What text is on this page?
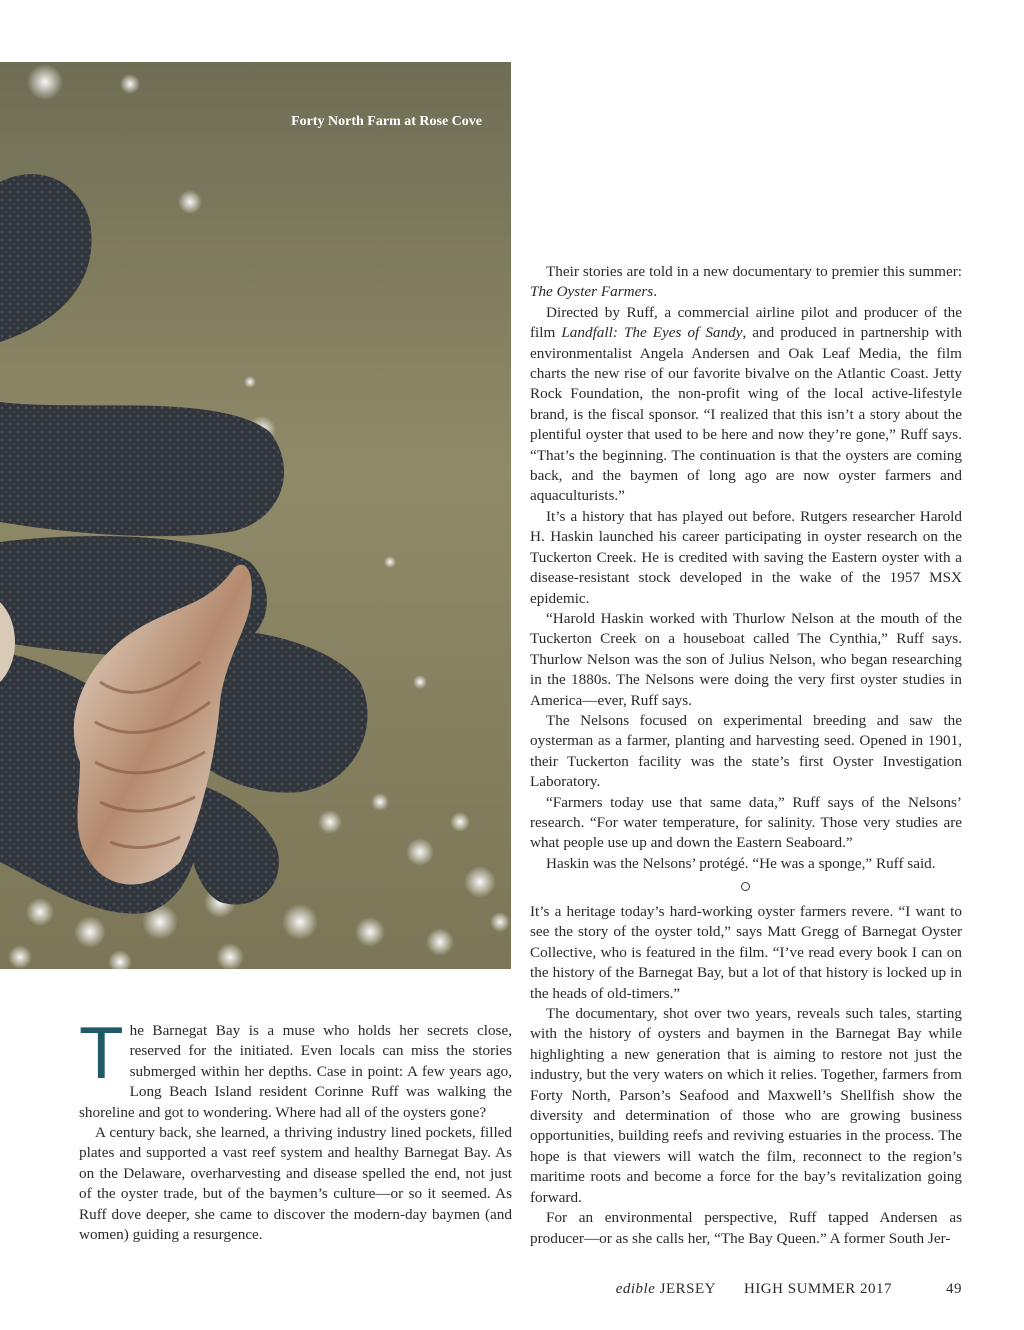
Forty North Farm at Rose Cove

The Barnegat Bay is a muse who holds her secrets close, reserved for the initiated. Even locals can miss the stories submerged within her depths. Case in point: A few years ago, Long Beach Island resident Corinne Ruff was walking the shoreline and got to wondering. Where had all of the oysters gone?

A century back, she learned, a thriving industry lined pockets, filled plates and supported a vast reef system and healthy Barnegat Bay. As on the Delaware, overharvesting and disease spelled the end, not just of the oyster trade, but of the baymen’s culture—or so it seemed. As Ruff dove deeper, she came to discover the modern-day baymen (and women) guiding a resurgence.

Their stories are told in a new documentary to premier this summer: The Oyster Farmers.

Directed by Ruff, a commercial airline pilot and producer of the film Landfall: The Eyes of Sandy, and produced in partnership with environmentalist Angela Andersen and Oak Leaf Media, the film charts the new rise of our favorite bivalve on the Atlantic Coast. Jetty Rock Foundation, the non-profit wing of the local active-lifestyle brand, is the fiscal sponsor. “I realized that this isn’t a story about the plentiful oyster that used to be here and now they’re gone,” Ruff says. “That’s the beginning. The continuation is that the oysters are coming back, and the baymen of long ago are now oyster farmers and aquaculturists.”

It’s a history that has played out before. Rutgers researcher Harold H. Haskin launched his career participating in oyster research on the Tuckerton Creek. He is credited with saving the Eastern oyster with a disease-resistant stock developed in the wake of the 1957 MSX epidemic.

“Harold Haskin worked with Thurlow Nelson at the mouth of the Tuckerton Creek on a houseboat called The Cynthia,” Ruff says. Thurlow Nelson was the son of Julius Nelson, who began researching in the 1880s. The Nelsons were doing the very first oyster studies in America—ever, Ruff says.

The Nelsons focused on experimental breeding and saw the oysterman as a farmer, planting and harvesting seed. Opened in 1901, their Tuckerton facility was the state’s first Oyster Investigation Laboratory.

“Farmers today use that same data,” Ruff says of the Nelsons’ research. “For water temperature, for salinity. Those very studies are what people use up and down the Eastern Seaboard.”

Haskin was the Nelsons’ protégé. “He was a sponge,” Ruff said.

It’s a heritage today’s hard-working oyster farmers revere. “I want to see the story of the oyster told,” says Matt Gregg of Barnegat Oyster Collective, who is featured in the film. “I’ve read every book I can on the history of the Barnegat Bay, but a lot of that history is locked up in the heads of old-timers.”

The documentary, shot over two years, reveals such tales, starting with the history of oysters and baymen in the Barnegat Bay while highlighting a new generation that is aiming to restore not just the industry, but the very waters on which it relies. Together, farmers from Forty North, Parson’s Seafood and Maxwell’s Shellfish show the diversity and determination of those who are growing business opportunities, building reefs and reviving estuaries in the process. The hope is that viewers will watch the film, reconnect to the region’s maritime roots and become a force for the bay’s revitalization going forward.

For an environmental perspective, Ruff tapped Andersen as producer—or as she calls her, “The Bay Queen.” A former South Jer-

edible JERSEY HIGH SUMMER 2017	49
